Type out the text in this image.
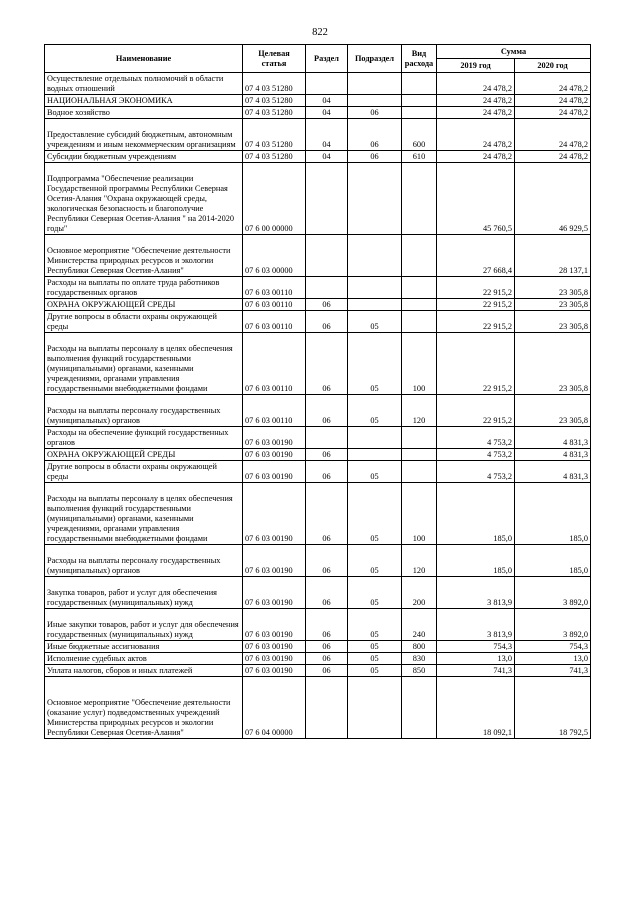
822
Наименование	Целевая статья	Раздел	Подраздел	Вид расхода	Сумма	
					2019 год	2020 год
Осуществление отдельных полномочий в области водных отношений	07 4 03 51280				24 478,2	24 478,2
НАЦИОНАЛЬНАЯ ЭКОНОМИКА	07 4 03 51280	04			24 478,2	24 478,2
Водное хозяйство	07 4 03 51280	04	06		24 478,2	24 478,2
Предоставление субсидий бюджетным, автономным учреждениям и иным некоммерческим организациям	07 4 03 51280	04	06	600	24 478,2	24 478,2
Субсидии бюджетным учреждениям	07 4 03 51280	04	06	610	24 478,2	24 478,2
Подпрограмма "Обеспечение реализации Государственной программы Республики Северная Осетия-Алания "Охрана окружающей среды, экологическая безопасность и благополучие Республики Северная Осетия-Алания " на 2014-2020 годы"	07 6 00 00000				45 760,5	46 929,5
Основное мероприятие "Обеспечение деятельности Министерства природных ресурсов и экологии Республики Северная Осетия-Алания"	07 6 03 00000				27 668,4	28 137,1
Расходы на выплаты по оплате труда работников государственных органов	07 6 03 00110				22 915,2	23 305,8
ОХРАНА ОКРУЖАЮЩЕЙ СРЕДЫ	07 6 03 00110	06			22 915,2	23 305,8
Другие вопросы в области охраны окружающей среды	07 6 03 00110	06	05		22 915,2	23 305,8
Расходы на выплаты персоналу в целях обеспечения выполнения функций государственными (муниципальными) органами, казенными учреждениями, органами управления государственными внебюджетными фондами	07 6 03 00110	06	05	100	22 915,2	23 305,8
Расходы на выплаты персоналу государственных (муниципальных) органов	07 6 03 00110	06	05	120	22 915,2	23 305,8
Расходы на обеспечение функций государственных органов	07 6 03 00190				4 753,2	4 831,3
ОХРАНА ОКРУЖАЮЩЕЙ СРЕДЫ	07 6 03 00190	06			4 753,2	4 831,3
Другие вопросы в области охраны окружающей среды	07 6 03 00190	06	05		4 753,2	4 831,3
Расходы на выплаты персоналу в целях обеспечения выполнения функций государственными (муниципальными) органами, казенными учреждениями, органами управления государственными внебюджетными фондами	07 6 03 00190	06	05	100	185,0	185,0
Расходы на выплаты персоналу государственных (муниципальных) органов	07 6 03 00190	06	05	120	185,0	185,0
Закупка товаров, работ и услуг для обеспечения государственных (муниципальных) нужд	07 6 03 00190	06	05	200	3 813,9	3 892,0
Иные закупки товаров, работ и услуг для обеспечения государственных (муниципальных) нужд	07 6 03 00190	06	05	240	3 813,9	3 892,0
Иные бюджетные ассигнования	07 6 03 00190	06	05	800	754,3	754,3
Исполнение судебных актов	07 6 03 00190	06	05	830	13,0	13,0
Уплата налогов, сборов и иных платежей	07 6 03 00190	06	05	850	741,3	741,3
Основное мероприятие "Обеспечение деятельности (оказание услуг) подведомственных учреждений Министерства природных ресурсов и экологии Республики Северная Осетия-Алания"	07 6 04 00000				18 092,1	18 792,5
